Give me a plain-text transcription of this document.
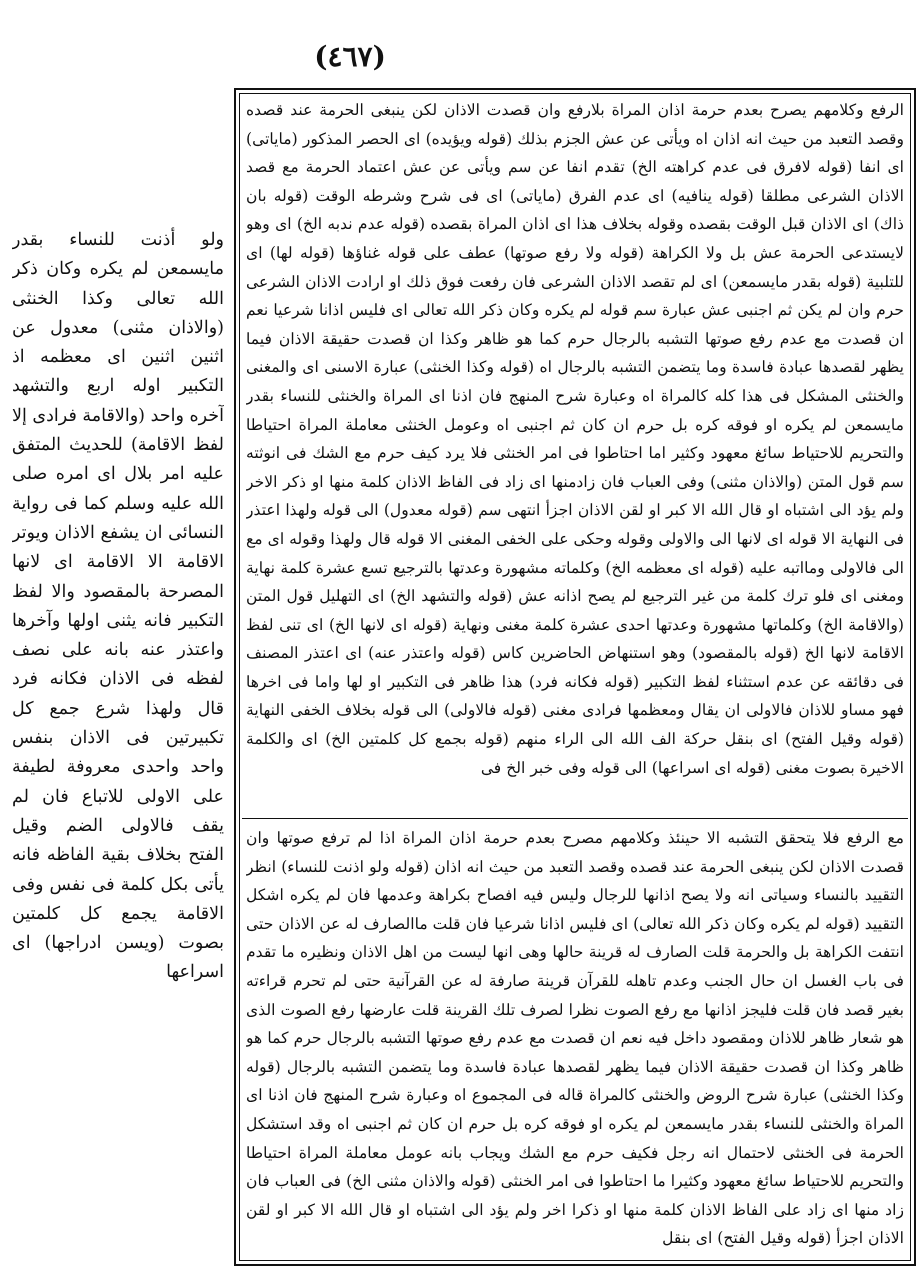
(٤٦٧)
الرفع وكلامهم يصرح بعدم حرمة اذان المراة بلارفع وان قصدت الاذان لكن ينبغى الحرمة عند قصده وقصد التعبد من حيث انه اذان اه ويأتى عن عش الجزم بذلك (قوله ويؤيده) اى الحصر المذكور (ماياتى) اى انفا (قوله لافرق فى عدم كراهته الخ) تقدم انفا عن سم ويأتى عن عش اعتماد الحرمة مع قصد الاذان الشرعى مطلقا (قوله ينافيه) اى عدم الفرق (ماياتى) اى فى شرح وشرطه الوقت (قوله بان ذاك) اى الاذان قبل الوقت بقصده وقوله بخلاف هذا اى اذان المراة بقصده (قوله عدم ندبه الخ) اى وهو لايستدعى الحرمة عش بل ولا الكراهة (قوله ولا رفع صوتها) عطف على قوله غناؤها (قوله لها) اى للتلبية (قوله بقدر مايسمعن) اى لم تقصد الاذان الشرعى فان رفعت فوق ذلك او ارادت الاذان الشرعى حرم وان لم يكن ثم اجنبى عش عبارة سم قوله لم يكره وكان ذكر الله تعالى اى فليس اذانا شرعيا نعم ان قصدت مع عدم رفع صوتها التشبه بالرجال حرم كما هو ظاهر وكذا ان قصدت حقيقة الاذان فيما يظهر لقصدها عبادة فاسدة وما يتضمن التشبه بالرجال اه (قوله وكذا الخنثى) عبارة الاسنى اى والمغنى والخنثى المشكل فى هذا كله كالمراة اه وعبارة شرح المنهج فان اذنا اى المراة والخنثى للنساء بقدر مايسمعن لم يكره او فوقه كره بل حرم ان كان ثم اجنبى اه وعومل الخنثى معاملة المراة احتياطا والتحريم للاحتياط سائغ معهود وكثير اما احتاطوا فى امر الخنثى فلا يرد كيف حرم مع الشك فى انوثته سم قول المتن (والاذان مثنى) وفى العباب فان زادمنها اى زاد فى الفاظ الاذان كلمة منها او ذكر الاخر ولم يؤد الى اشتباه او قال الله الا كبر او لقن الاذان اجزأ انتهى سم (قوله معدول) الى قوله ولهذا اعتذر فى النهاية الا قوله اى لانها الى والاولى وقوله وحكى على الخفى المغنى الا قوله قال ولهذا وقوله اى مع الى فالاولى ومااتبه عليه (قوله اى معظمه الخ) وكلماته مشهورة وعدتها بالترجيع تسع عشرة كلمة نهاية ومغنى اى فلو ترك كلمة من غير الترجيع لم يصح اذانه عش (قوله والتشهد الخ) اى التهليل قول المتن (والاقامة الخ) وكلماتها مشهورة وعدتها احدى عشرة كلمة مغنى ونهاية (قوله اى لانها الخ) اى تنى لفظ الاقامة لانها الخ (قوله بالمقصود) وهو استنهاض الحاضرين كاس (قوله واعتذر عنه) اى اعتذر المصنف فى دقائقه عن عدم استثناء لفظ التكبير (قوله فكانه فرد) هذا ظاهر فى التكبير او لها واما فى اخرها فهو مساو للاذان فالاولى ان يقال ومعظمها فرادى مغنى (قوله فالاولى) الى قوله بخلاف الخفى النهاية (قوله وقيل الفتح) اى بنقل حركة الف الله الى الراء منهم (قوله بجمع كل كلمتين الخ) اى والكلمة الاخيرة بصوت مغنى (قوله اى اسراعها) الى قوله وفى خبر الخ فى
مع الرفع فلا يتحقق التشبه الا حينئذ وكلامهم مصرح بعدم حرمة اذان المراة اذا لم ترفع صوتها وان قصدت الاذان لكن ينبغى الحرمة عند قصده وقصد التعبد من حيث انه اذان (قوله ولو اذنت للنساء) انظر التقييد بالنساء وسياتى انه ولا يصح اذانها للرجال وليس فيه افصاح بكراهة وعدمها فان لم يكره اشكل التقييد (قوله لم يكره وكان ذكر الله تعالى) اى فليس اذانا شرعيا فان قلت ماالصارف له عن الاذان حتى انتفت الكراهة بل والحرمة قلت الصارف له قرينة حالها وهى انها ليست من اهل الاذان ونظيره ما تقدم فى باب الغسل ان حال الجنب وعدم تاهله للقرآن قرينة صارفة له عن القرآنية حتى لم تحرم قراءته بغير قصد فان قلت فليجز اذانها مع رفع الصوت نظرا لصرف تلك القرينة قلت عارضها رفع الصوت الذى هو شعار ظاهر للاذان ومقصود داخل فيه نعم ان قصدت مع عدم رفع صوتها التشبه بالرجال حرم كما هو ظاهر وكذا ان قصدت حقيقة الاذان فيما يظهر لقصدها عبادة فاسدة وما يتضمن التشبه بالرجال (قوله وكذا الخنثى) عبارة شرح الروض والخنثى كالمراة قاله فى المجموع اه وعبارة شرح المنهج فان اذنا اى المراة والخنثى للنساء بقدر مايسمعن لم يكره او فوقه كره بل حرم ان كان ثم اجنبى اه وقد استشكل الحرمة فى الخنثى لاحتمال انه رجل فكيف حرم مع الشك ويجاب بانه عومل معاملة المراة احتياطا والتحريم للاحتياط سائغ معهود وكثيرا ما احتاطوا فى امر الخنثى (قوله والاذان مثنى الخ) فى العباب فان زاد منها اى زاد على الفاظ الاذان كلمة منها او ذكرا اخر ولم يؤد الى اشتباه او قال الله الا كبر او لقن الاذان اجزأ (قوله وقيل الفتح) اى بنقل
ولو أذنت للنساء بقدر مايسمعن لم يكره وكان ذكر الله تعالى وكذا الخنثى (والاذان مثنى) معدول عن اثنين اثنين اى معظمه اذ التكبير اوله اربع والتشهد آخره واحد (والاقامة فرادى إلا لفظ الاقامة) للحديث المتفق عليه امر بلال اى امره صلى الله عليه وسلم كما فى رواية النسائى ان يشفع الاذان ويوتر الاقامة الا الاقامة اى لانها المصرحة بالمقصود والا لفظ التكبير فانه يثنى اولها وآخرها واعتذر عنه بانه على نصف لفظه فى الاذان فكانه فرد قال ولهذا شرع جمع كل تكبيرتين فى الاذان بنفس واحد واحدى معروفة لطيفة على الاولى للاتباع فان لم يقف فالاولى الضم وقيل الفتح بخلاف بقية الفاظه فانه يأتى بكل كلمة فى نفس وفى الاقامة يجمع كل كلمتين بصوت (ويسن ادراجها) اى اسراعها
